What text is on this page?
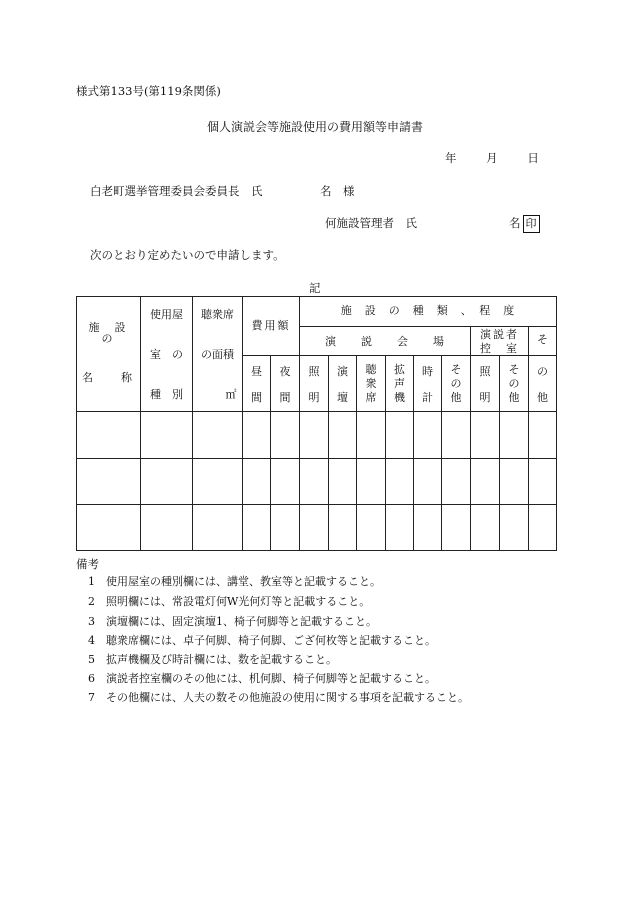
様式第133号(第119条関係)
個人演説会等施設使用の費用額等申請書
年	月	日
白老町選挙管理委員会委員長　氏　　　　　名　様
何施設管理者　氏　　　　　　　　名 印
次のとおり定めたいので申請します。
記
施　設　の
名　　称
使用屋
室　の
種　別
聴衆席
の面積
㎡
費用額
昼
間
夜
間
施　設　の　種　類　、　程　度
演　　説　　会　　場
演説者
控　室
そ
の
他
照
明
演
壇
聴
衆
席
拡
声
機
時
計
そ
の
他
照
明
そ
の
他
備考
1 使用屋室の種別欄には、講堂、教室等と記載すること。
2 照明欄には、常設電灯何W光何灯等と記載すること。
3 演壇欄には、固定演壇1、椅子何脚等と記載すること。
4 聴衆席欄には、卓子何脚、椅子何脚、ござ何枚等と記載すること。
5 拡声機欄及び時計欄には、数を記載すること。
6 演説者控室欄のその他には、机何脚、椅子何脚等と記載すること。
7 その他欄には、人夫の数その他施設の使用に関する事項を記載すること。
